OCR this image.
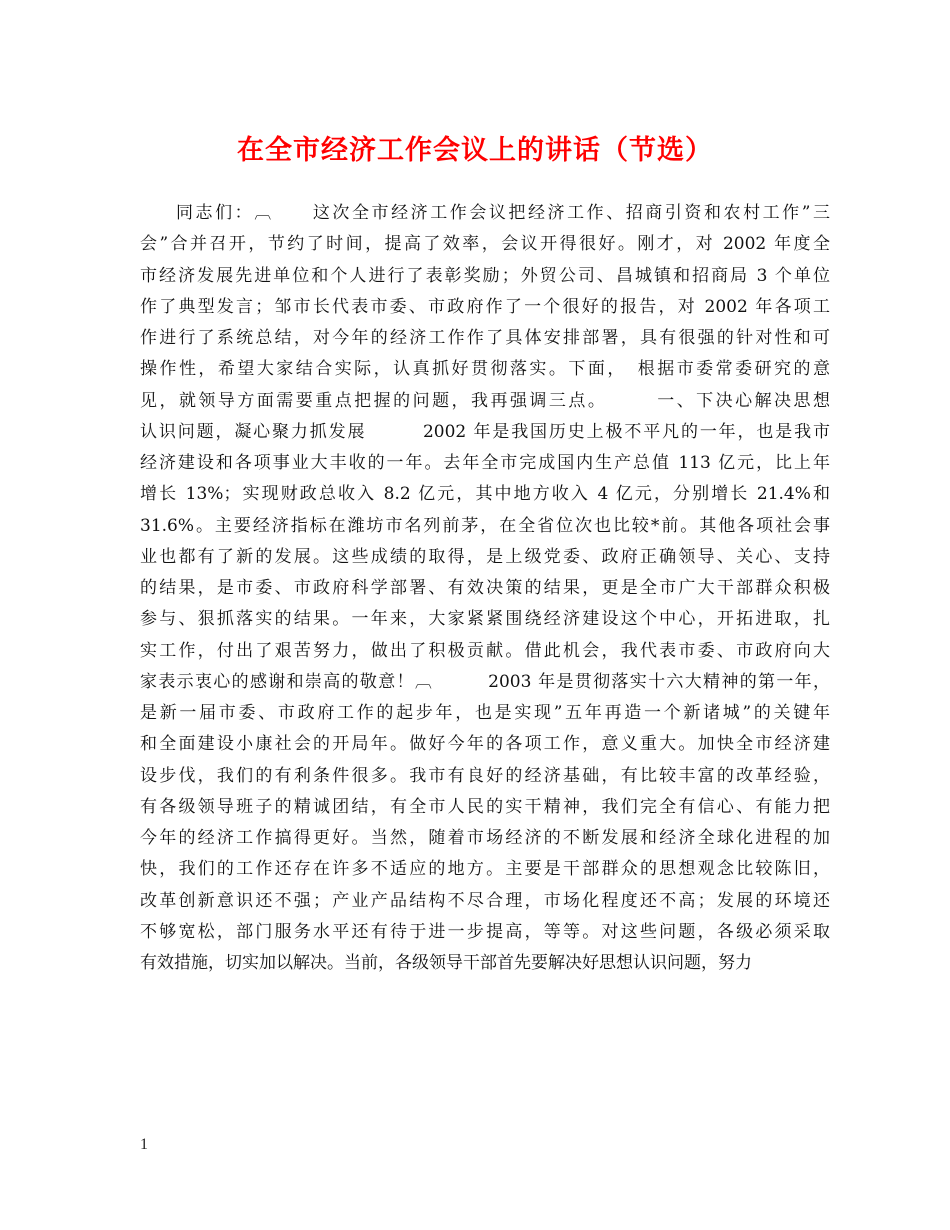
在全市经济工作会议上的讲话（节选）
同志们：︹　　这次全市经济工作会议把经济工作、招商引资和农村工作”三
会”合并召开，节约了时间，提高了效率，会议开得很好。刚才，对 2002 年度全
市经济发展先进单位和个人进行了表彰奖励；外贸公司、昌城镇和招商局 3 个单位
作了典型发言；邹市长代表市委、市政府作了一个很好的报告，对 2002 年各项工
作进行了系统总结，对今年的经济工作作了具体安排部署，具有很强的针对性和可
操作性，希望大家结合实际，认真抓好贯彻落实。下面，　根据市委常委研究的意
见，就领导方面需要重点把握的问题，我再强调三点。　　　一、下决心解决思想
认识问题，凝心聚力抓发展　　　2002 年是我国历史上极不平凡的一年，也是我市
经济建设和各项事业大丰收的一年。去年全市完成国内生产总值 113 亿元，比上年
增长 13%；实现财政总收入 8.2 亿元，其中地方收入 4 亿元，分别增长 21.4%和
31.6%。主要经济指标在潍坊市名列前茅，在全省位次也比较*前。其他各项社会事
业也都有了新的发展。这些成绩的取得，是上级党委、政府正确领导、关心、支持
的结果，是市委、市政府科学部署、有效决策的结果，更是全市广大干部群众积极
参与、狠抓落实的结果。一年来，大家紧紧围绕经济建设这个中心，开拓进取，扎
实工作，付出了艰苦努力，做出了积极贡献。借此机会，我代表市委、市政府向大
家表示衷心的感谢和崇高的敬意！︹　　　2003 年是贯彻落实十六大精神的第一年，
是新一届市委、市政府工作的起步年，也是实现”五年再造一个新诸城”的关键年
和全面建设小康社会的开局年。做好今年的各项工作，意义重大。加快全市经济建
设步伐，我们的有利条件很多。我市有良好的经济基础，有比较丰富的改革经验，
有各级领导班子的精诚团结，有全市人民的实干精神，我们完全有信心、有能力把
今年的经济工作搞得更好。当然，随着市场经济的不断发展和经济全球化进程的加
快，我们的工作还存在许多不适应的地方。主要是干部群众的思想观念比较陈旧，
改革创新意识还不强；产业产品结构不尽合理，市场化程度还不高；发展的环境还
不够宽松，部门服务水平还有待于进一步提高，等等。对这些问题，各级必须采取
有效措施，切实加以解决。当前，各级领导干部首先要解决好思想认识问题，努力
1
